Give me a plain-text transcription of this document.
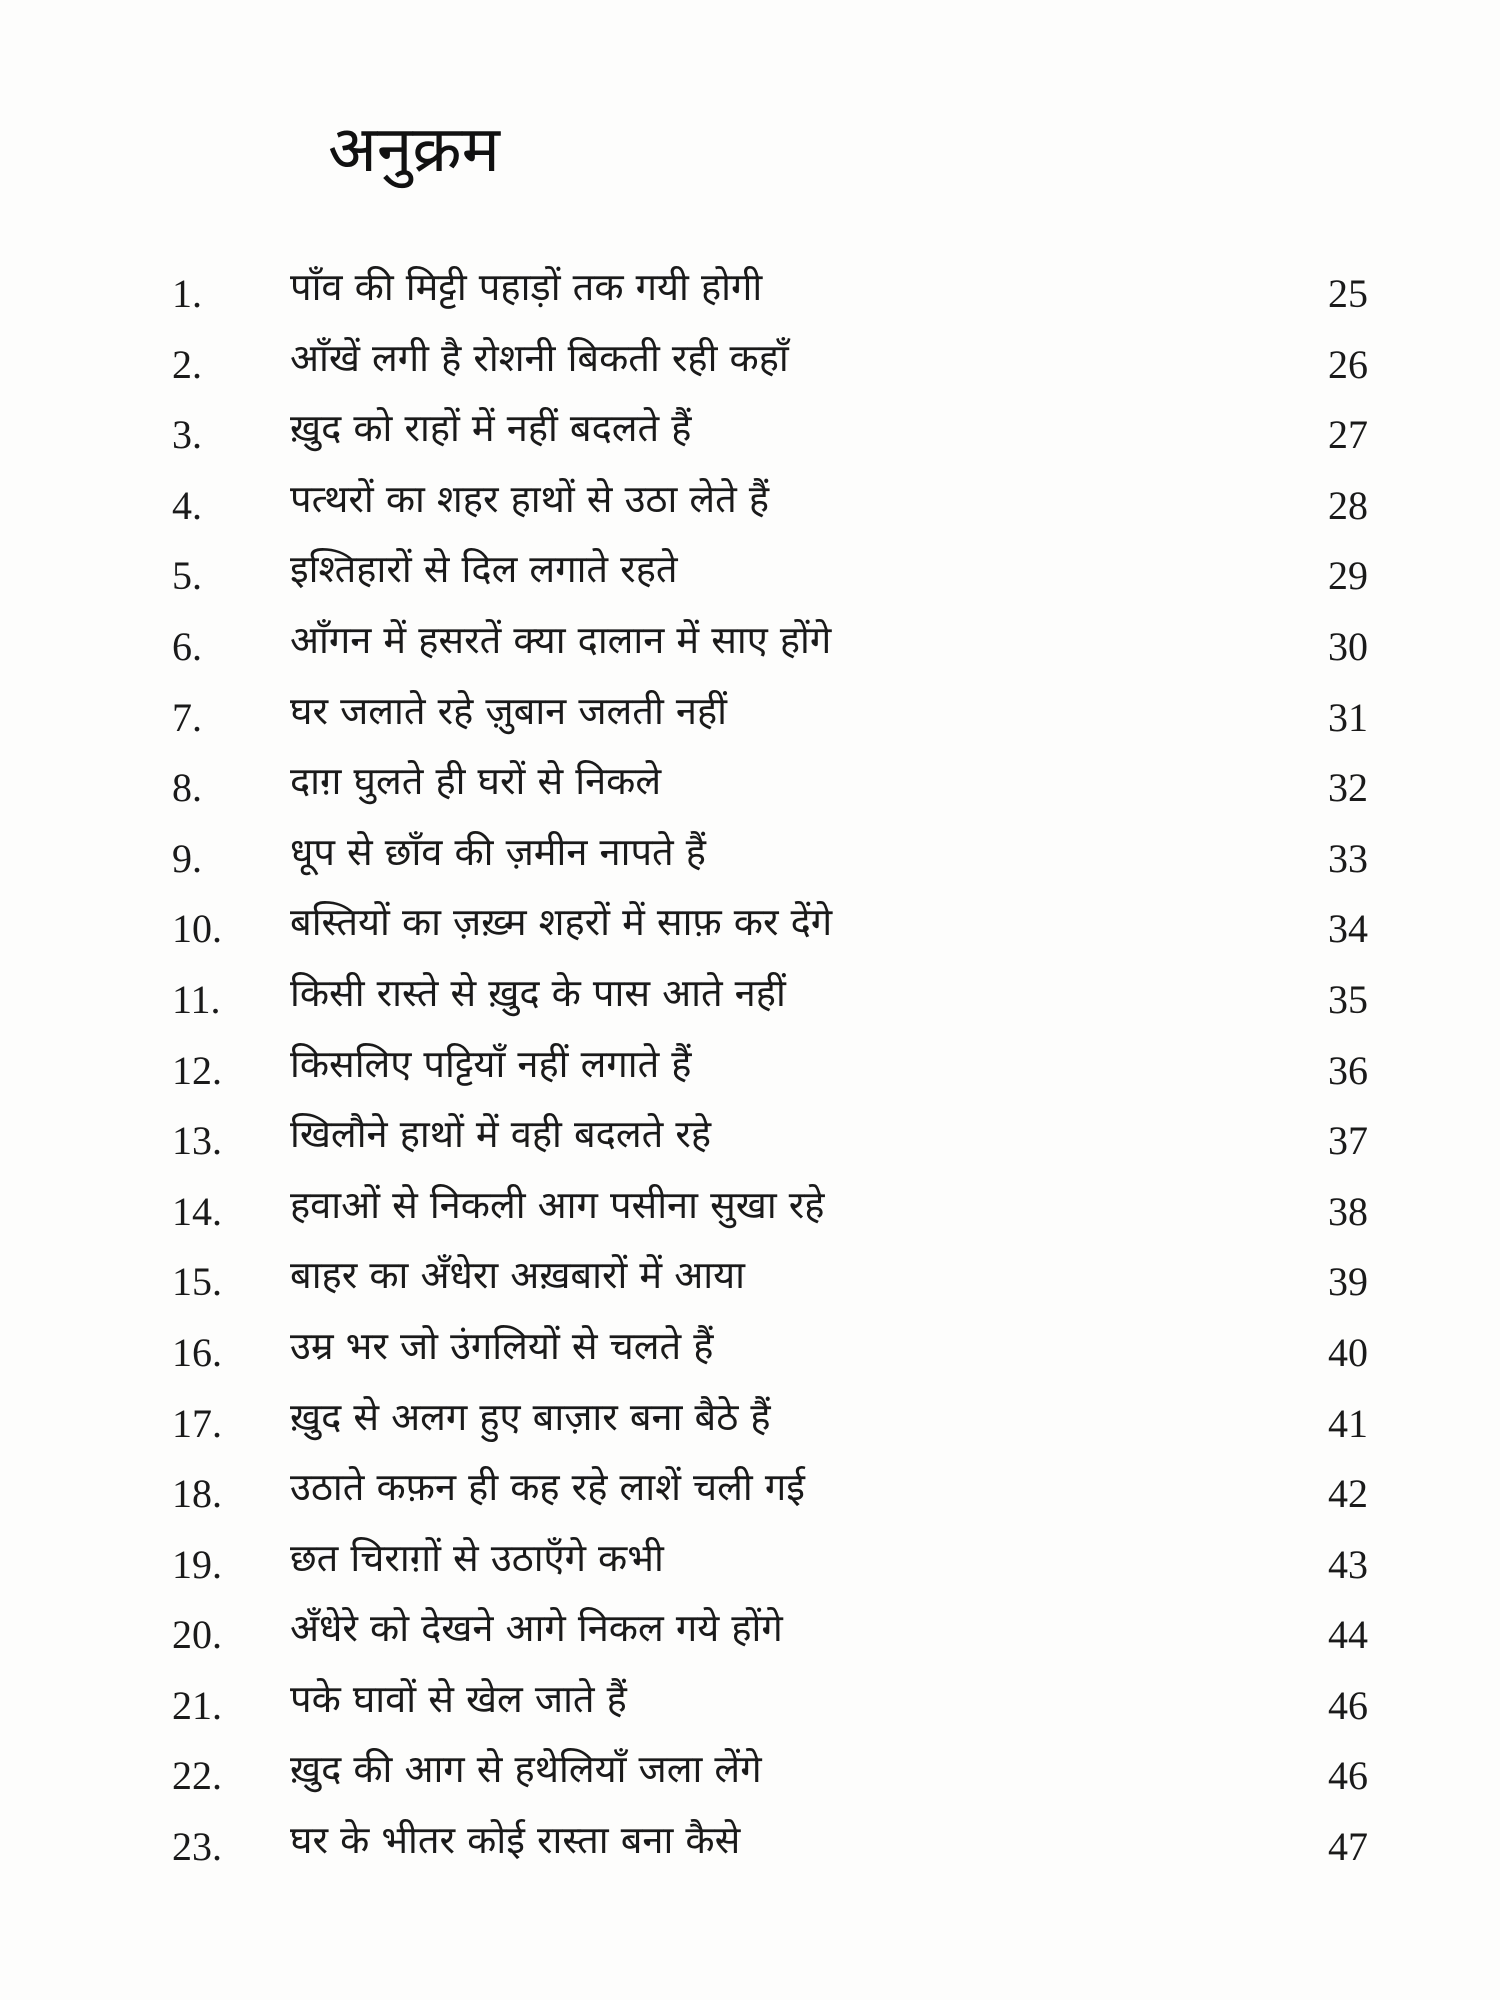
अनुक्रम
1. पाँव की मिट्टी पहाड़ों तक गयी होगी	25
2. आँखें लगी है रोशनी बिकती रही कहाँ	26
3. ख़ुद को राहों में नहीं बदलते हैं	27
4. पत्थरों का शहर हाथों से उठा लेते हैं	28
5. इश्तिहारों से दिल लगाते रहते	29
6. आँगन में हसरतें क्या दालान में साए होंगे	30
7. घर जलाते रहे ज़ुबान जलती नहीं	31
8. दाग़ घुलते ही घरों से निकले	32
9. धूप से छाँव की ज़मीन नापते हैं	33
10. बस्तियों का ज़ख़्म शहरों में साफ़ कर देंगे	34
11. किसी रास्ते से ख़ुद के पास आते नहीं	35
12. किसलिए पट्टियाँ नहीं लगाते हैं	36
13. खिलौने हाथों में वही बदलते रहे	37
14. हवाओं से निकली आग पसीना सुखा रहे	38
15. बाहर का अँधेरा अख़बारों में आया	39
16. उम्र भर जो उंगलियों से चलते हैं	40
17. ख़ुद से अलग हुए बाज़ार बना बैठे हैं	41
18. उठाते कफ़न ही कह रहे लाशें चली गई	42
19. छत चिराग़ों से उठाएँगे कभी	43
20. अँधेरे को देखने आगे निकल गये होंगे	44
21. पके घावों से खेल जाते हैं	46
22. ख़ुद की आग से हथेलियाँ जला लेंगे	46
23. घर के भीतर कोई रास्ता बना कैसे	47
